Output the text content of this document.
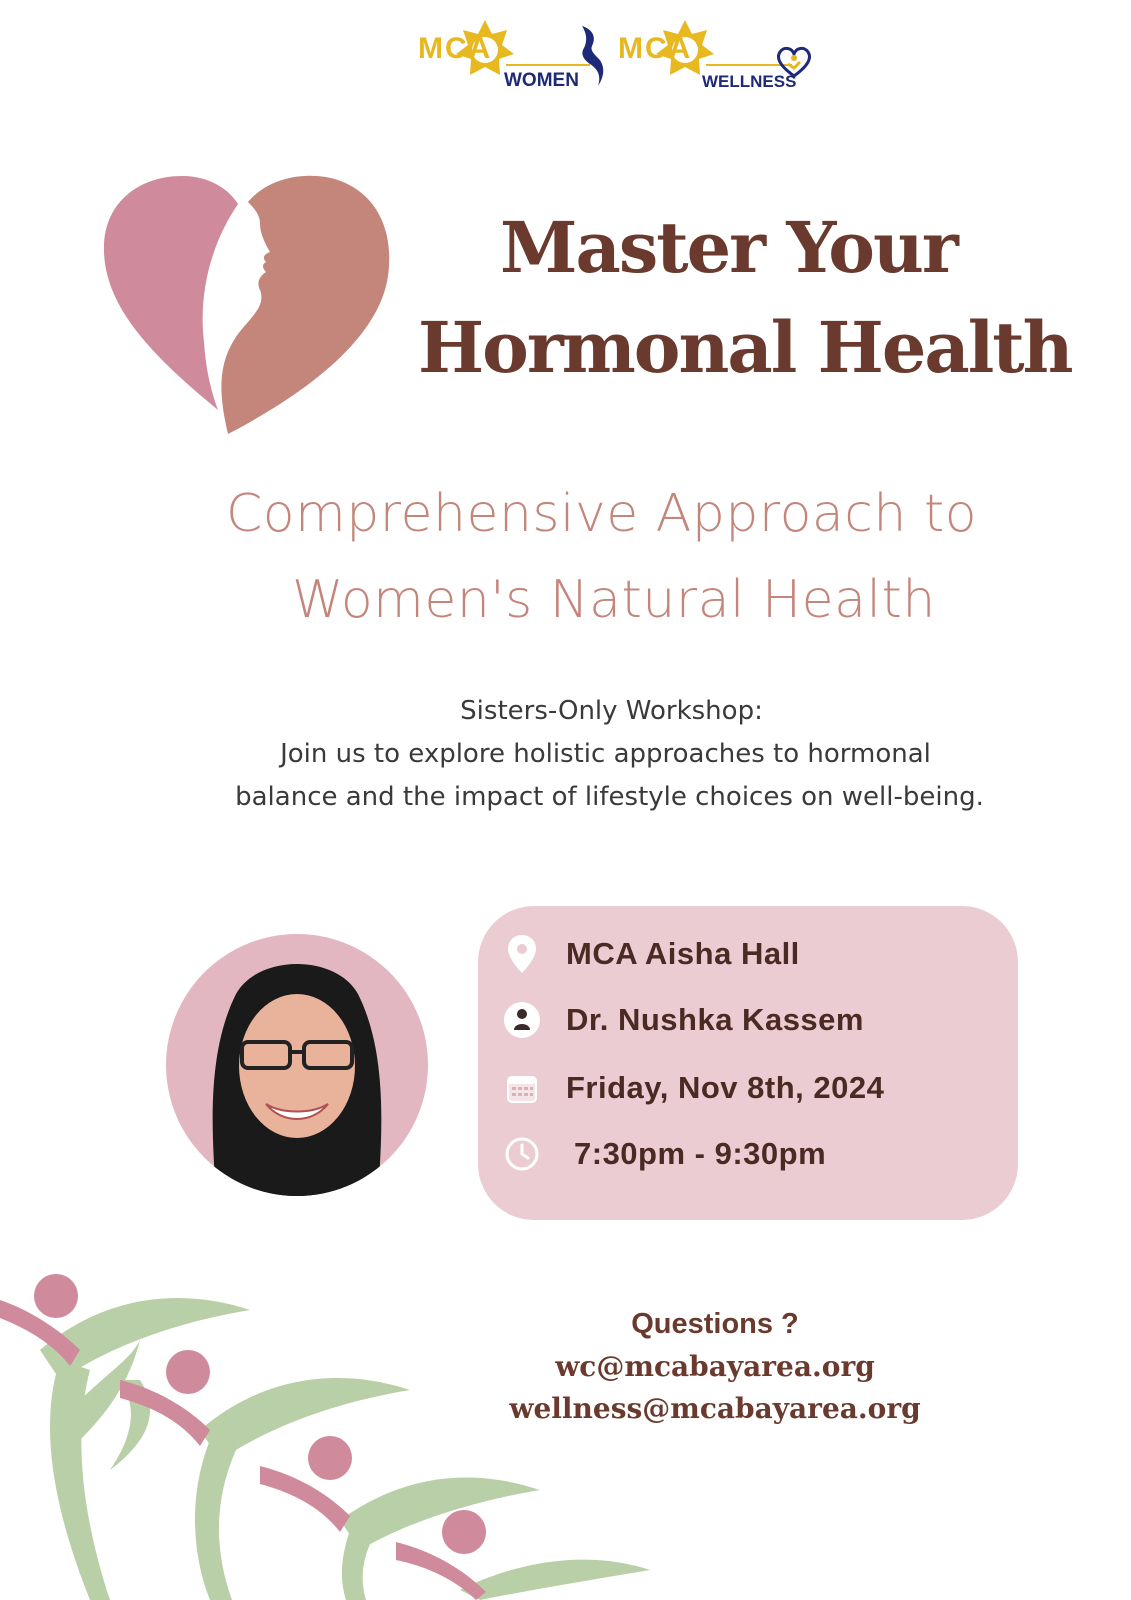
MCA
WOMEN
MCA
WELLNESS
Master Your
Hormonal Health
Comprehensive Approach to
Women's Natural Health
Sisters-Only Workshop:
Join us to explore holistic approaches to hormonal
balance and the impact of lifestyle choices on well-being.
MCA Aisha Hall
Dr. Nushka Kassem
Friday, Nov 8th, 2024
7:30pm - 9:30pm
Questions ?
wc@mcabayarea.org
wellness@mcabayarea.org
